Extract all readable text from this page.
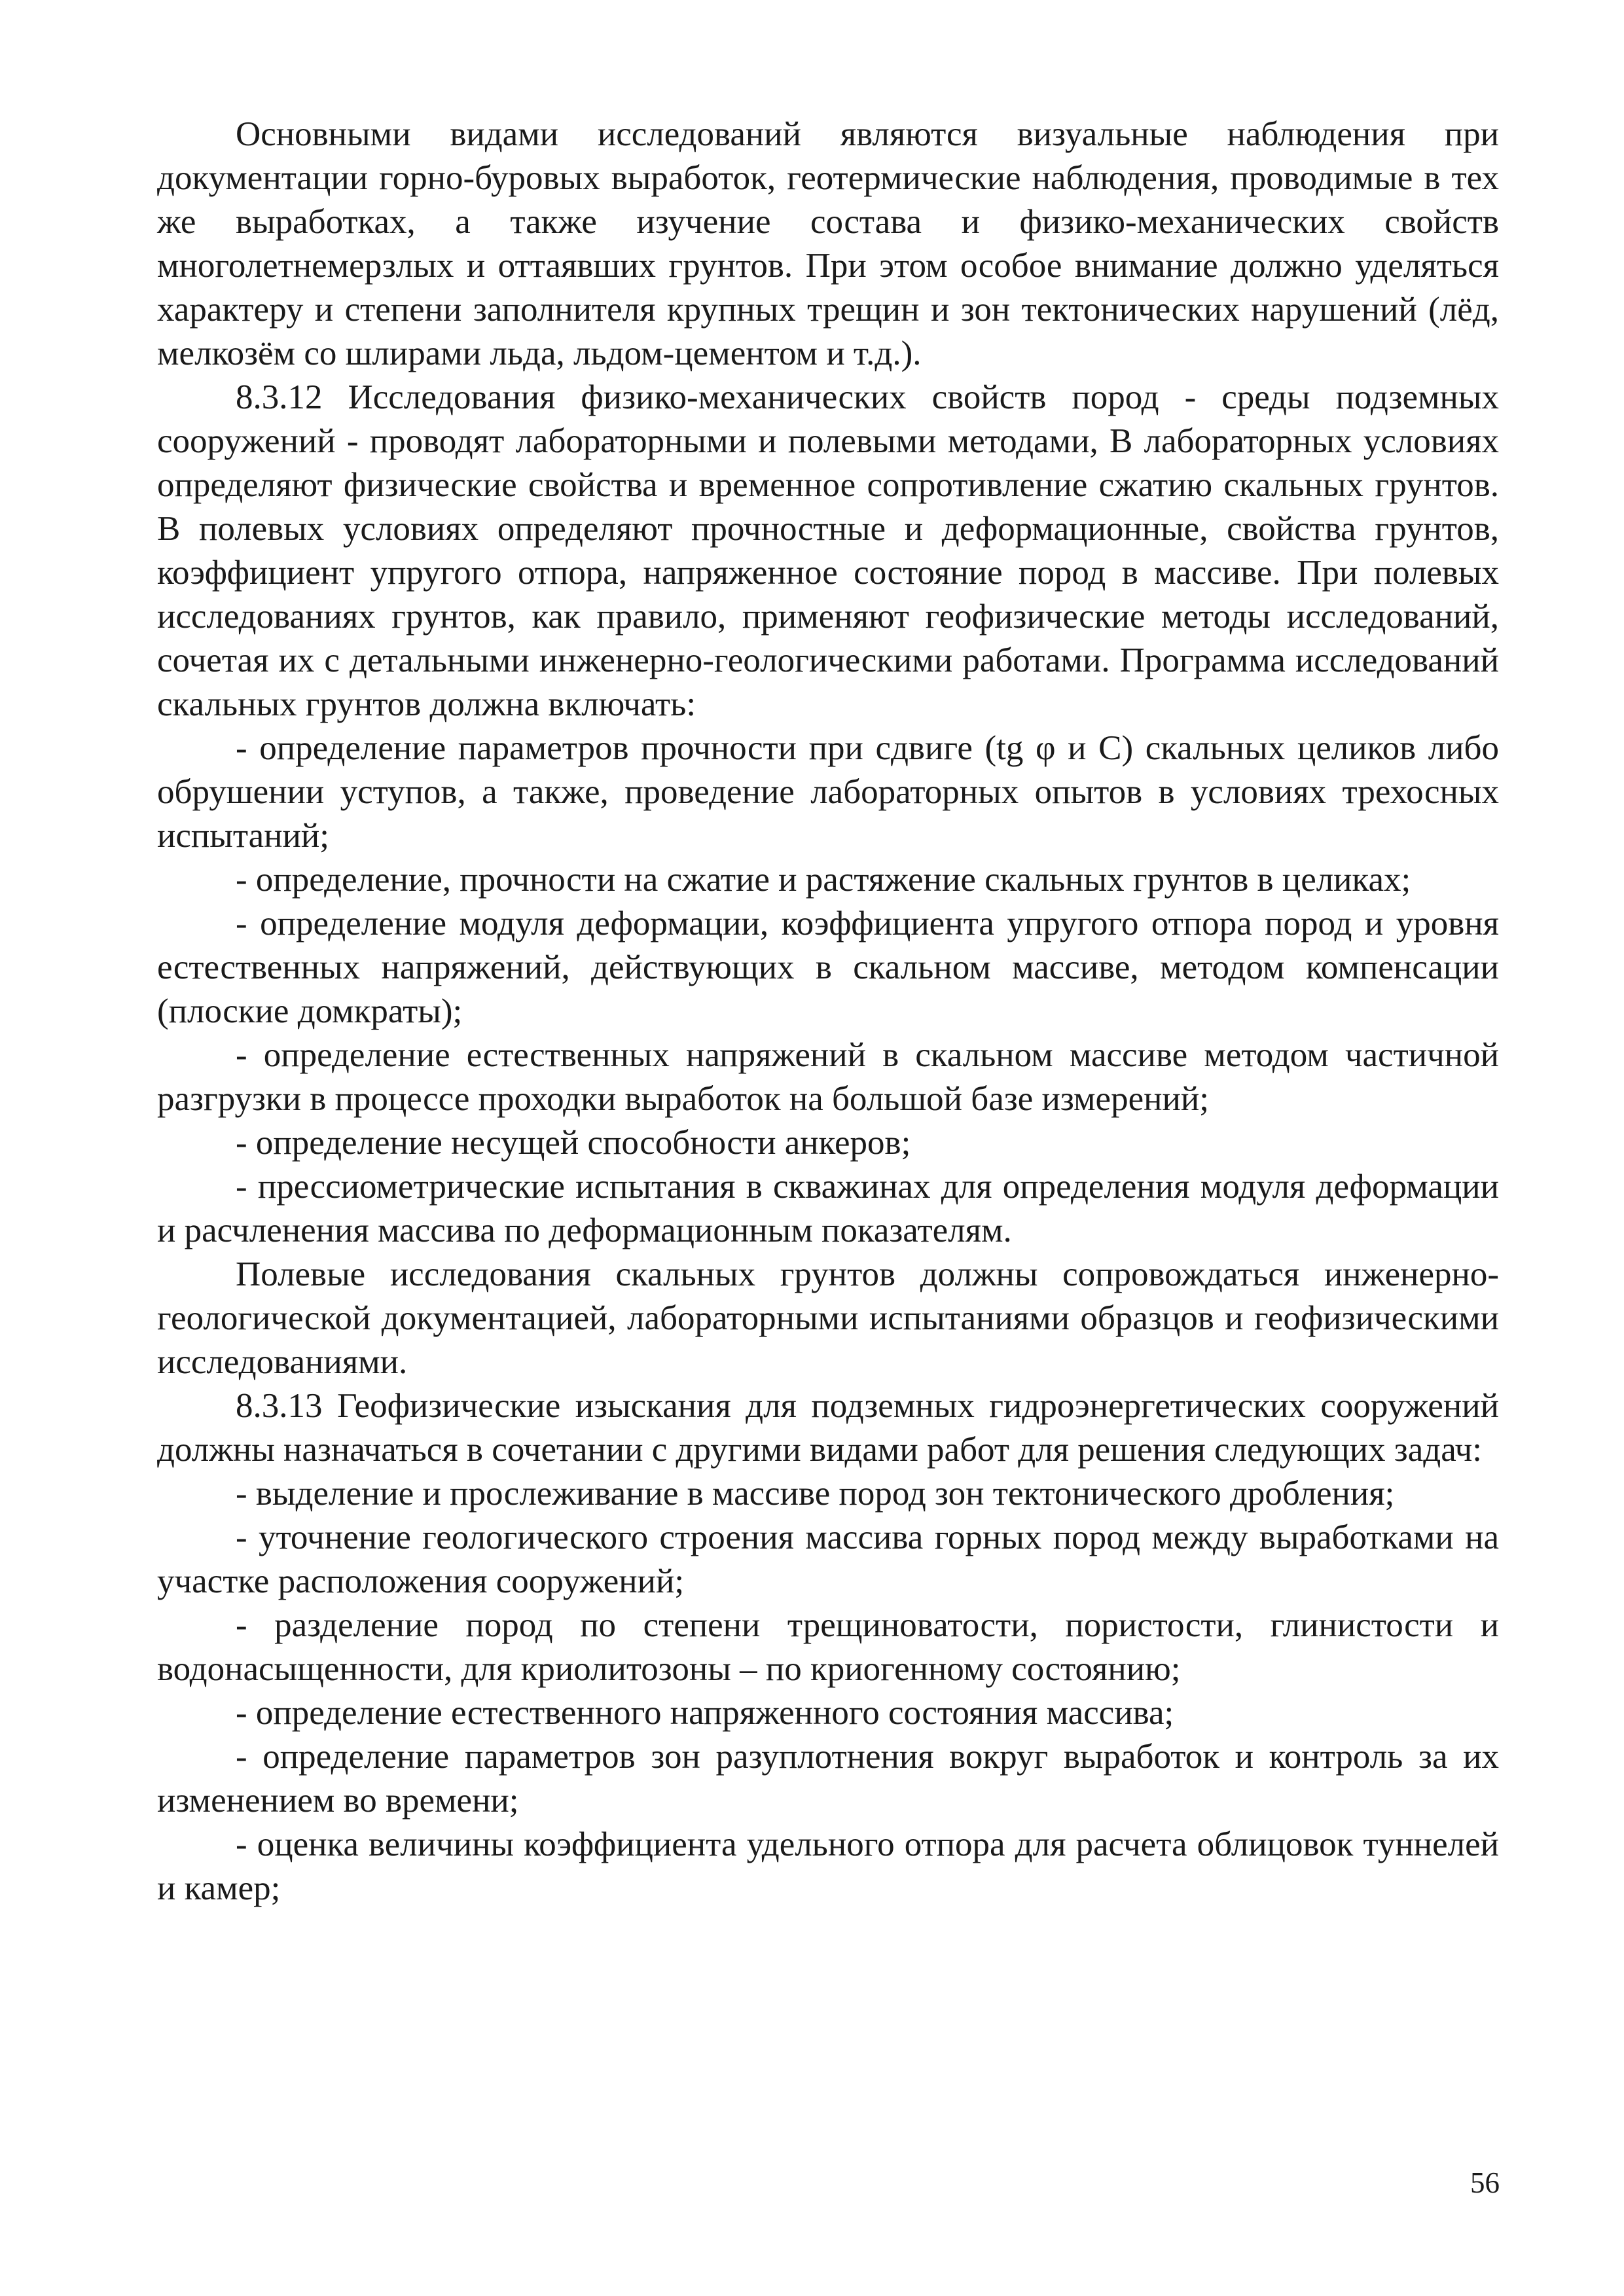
Основными видами исследований являются визуальные наблюдения при документации горно-буровых выработок, геотермические наблюдения, проводимые в тех же выработках, а также изучение состава и физико-механических свойств многолетнемерзлых и оттаявших грунтов. При этом особое внимание должно уделяться характеру и степени заполнителя крупных трещин и зон тектонических нарушений (лёд, мелкозём со шлирами льда, льдом-цементом и т.д.).

8.3.12 Исследования физико-механических свойств пород - среды подземных сооружений - проводят лабораторными и полевыми методами, В лабораторных условиях определяют физические свойства и временное сопротивление сжатию скальных грунтов. В полевых условиях определяют прочностные и деформационные, свойства грунтов, коэффициент упругого отпора, напряженное состояние пород в массиве. При полевых исследованиях грунтов, как правило, применяют геофизические методы исследований, сочетая их с детальными инженерно-геологическими работами. Программа исследований скальных грунтов должна включать:

- определение параметров прочности при сдвиге (tg φ и С) скальных целиков либо обрушении уступов, а также, проведение лабораторных опытов в условиях трехосных испытаний;

- определение, прочности на сжатие и растяжение скальных грунтов в целиках;

- определение модуля деформации, коэффициента упругого отпора пород и уровня естественных напряжений, действующих в скальном массиве, методом компенсации (плоские домкраты);

- определение естественных напряжений в скальном массиве методом частичной разгрузки в процессе проходки выработок на большой базе измерений;

- определение несущей способности анкеров;

- прессиометрические испытания в скважинах для определения модуля деформации и расчленения массива по деформационным показателям.

Полевые исследования скальных грунтов должны сопровождаться инженерно-геологической документацией, лабораторными испытаниями образцов и геофизическими исследованиями.

8.3.13 Геофизические изыскания для подземных гидроэнергетических сооружений должны назначаться в сочетании с другими видами работ для решения следующих задач:

- выделение и прослеживание в массиве пород зон тектонического дробления;

- уточнение геологического строения массива горных пород между выработками на участке расположения сооружений;

- разделение пород по степени трещиноватости, пористости, глинистости и водонасыщенности, для криолитозоны – по криогенному состоянию;

- определение естественного напряженного состояния массива;

- определение параметров зон разуплотнения вокруг выработок и контроль за их изменением во времени;

- оценка величины коэффициента удельного отпора для расчета облицовок туннелей и камер;

56
